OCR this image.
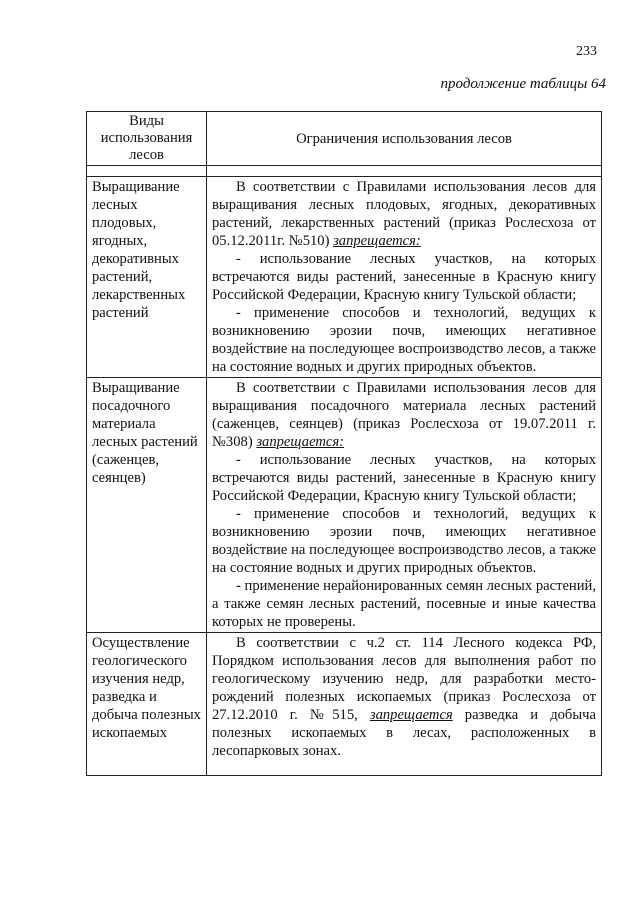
233
продолжение таблицы 64
Виды использования лесов	Ограничения использования лесов

Выращивание лесных плодовых, ягодных, декоративных растений, лекарственных растений	В соответствии с Правилами использования лесов для выращивания лесных плодовых, ягодных, декоративных растений, лекарственных растений (приказ Рослесхоза от 05.12.2011г. №510) запрещается:

- использование лесных участков, на которых встречаются виды растений, занесенные в Красную книгу Российской Федерации, Красную книгу Тульской области;

- применение способов и технологий, ведущих к возникновению эрозии почв, имеющих негативное воздействие на последующее воспроизводство лесов, а также на состояние водных и других природных объектов.

Выращивание посадочного материала лесных растений (саженцев, сеянцев)	В соответствии с Правилами использования лесов для выращивания посадочного материала лесных растений (саженцев, сеянцев) (приказ Рослесхоза от 19.07.2011 г. №308) запрещается:

- использование лесных участков, на которых встречаются виды растений, занесенные в Красную книгу Российской Федерации, Красную книгу Тульской области;

- применение способов и технологий, ведущих к возникновению эрозии почв, имеющих негативное воздействие на последующее воспроизводство лесов, а также на состояние водных и других природных объектов.

- применение нерайонированных семян лесных растений, а также семян лесных растений, посевные и иные качества которых не проверены.

Осуществление геологического изучения недр, разведка и добыча полезных ископаемых	В соответствии с ч.2 ст. 114 Лесного кодекса РФ, Порядком использования лесов для выполнения работ по геологическому изучению недр, для разработки место-рождений полезных ископаемых (приказ Рослесхоза от 27.12.2010 г. №515, запрещается разведка и добыча полезных ископаемых в лесах, расположенных в лесопарковых зонах.
